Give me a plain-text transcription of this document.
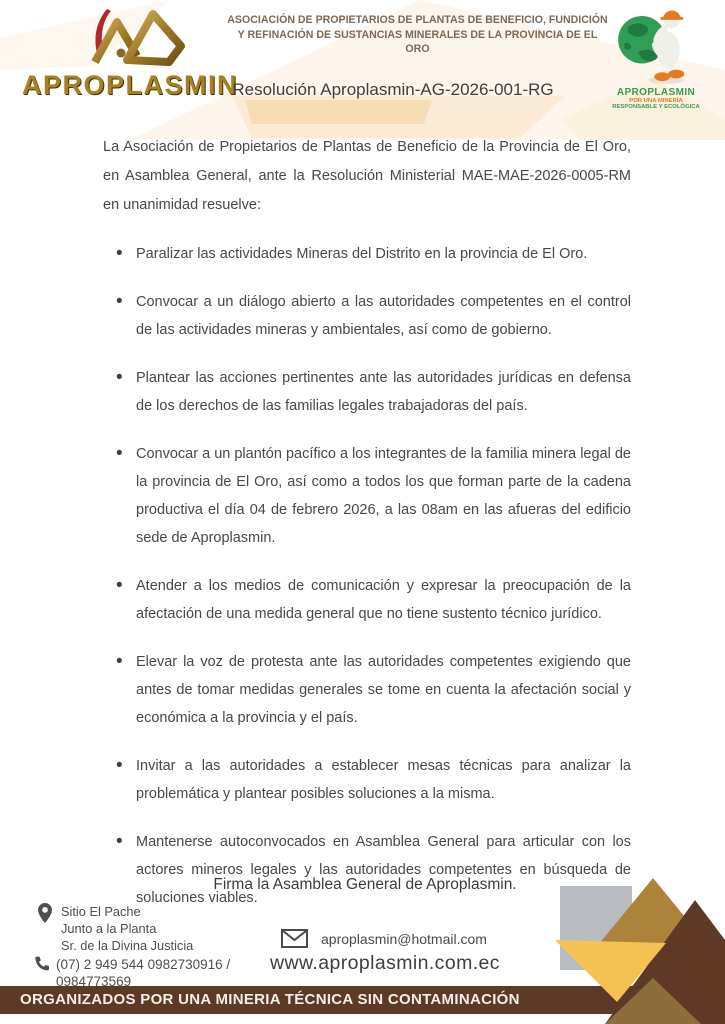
APROPLASMIN
ASOCIACIÓN DE PROPIETARIOS DE PLANTAS DE BENEFICIO, FUNDICIÓN
Y REFINACIÓN DE SUSTANCIAS MINERALES DE LA PROVINCIA DE EL ORO
Resolución Aproplasmin-AG-2026-001-RG	APROPLASMIN
POR UNA MINERÍA
RESPONSABLE Y ECOLÓGICA

La Asociación de Propietarios de Plantas de Beneficio de la Provincia de El Oro, en Asamblea General, ante la Resolución Ministerial MAE-MAE-2026-0005-RM en unanimidad resuelve:

• Paralizar las actividades Mineras del Distrito en la provincia de El Oro.
• Convocar a un diálogo abierto a las autoridades competentes en el control de las actividades mineras y ambientales, así como de gobierno.
• Plantear las acciones pertinentes ante las autoridades jurídicas en defensa de los derechos de las familias legales trabajadoras del país.
• Convocar a un plantón pacífico a los integrantes de la familia minera legal de la provincia de El Oro, así como a todos los que forman parte de la cadena productiva el día 04 de febrero 2026, a las 08am en las afueras del edificio sede de Aproplasmin.
• Atender a los medios de comunicación y expresar la preocupación de la afectación de una medida general que no tiene sustento técnico jurídico.
• Elevar la voz de protesta ante las autoridades competentes exigiendo que antes de tomar medidas generales se tome en cuenta la afectación social y económica a la provincia y el país.
• Invitar a las autoridades a establecer mesas técnicas para analizar la problemática y plantear posibles soluciones a la misma.
• Mantenerse autoconvocados en Asamblea General para articular con los actores mineros legales y las autoridades competentes en búsqueda de soluciones viables.
Firma la Asamblea General de Aproplasmin.
Sitio El Pache
Junto a la Planta
Sr. de la Divina Justicia
(07) 2 949 544 0982730916 /
0984773569
aproplasmin@hotmail.com
www.aproplasmin.com.ec
ORGANIZADOS POR UNA MINERIA TÉCNICA SIN CONTAMINACIÓN
